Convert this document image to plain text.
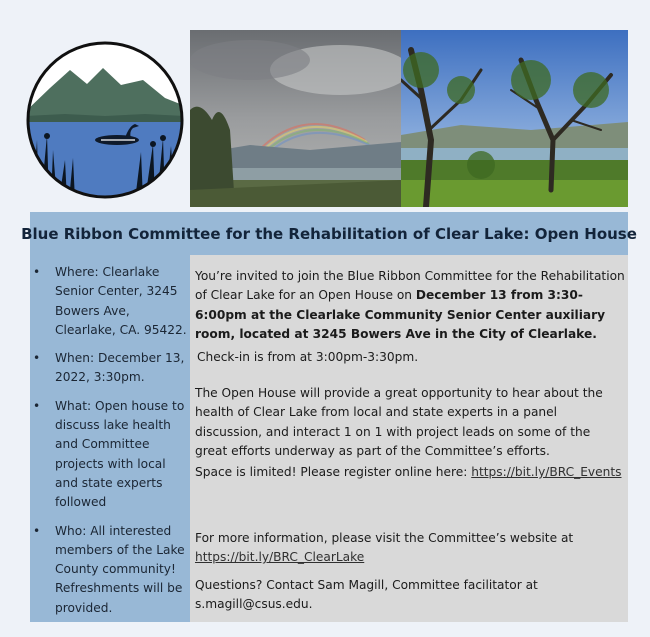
Blue Ribbon Committee for the Rehabilitation of Clear Lake: Open House
• Where: Clearlake Senior Center, 3245 Bowers Ave, Clearlake, CA. 95422.
• When: December 13, 2022, 3:30pm.
• What: Open house to discuss lake health and Committee projects with local and state experts followed
• Who: All interested members of the Lake County community! Refreshments will be provided.

You’re invited to join the Blue Ribbon Committee for the Rehabilitation of Clear Lake for an Open House on December 13 from 3:30-6:00pm at the Clearlake Community Senior Center auxiliary room, located at 3245 Bowers Ave in the City of Clearlake.

Check-in is from at 3:00pm-3:30pm.

The Open House will provide a great opportunity to hear about the health of Clear Lake from local and state experts in a panel discussion, and interact 1 on 1 with project leads on some of the great efforts underway as part of the Committee’s efforts.

Space is limited! Please register online here: https://bit.ly/BRC_Events

For more information, please visit the Committee’s website at https://bit.ly/BRC_ClearLake

Questions? Contact Sam Magill, Committee facilitator at s.magill@csus.edu.
